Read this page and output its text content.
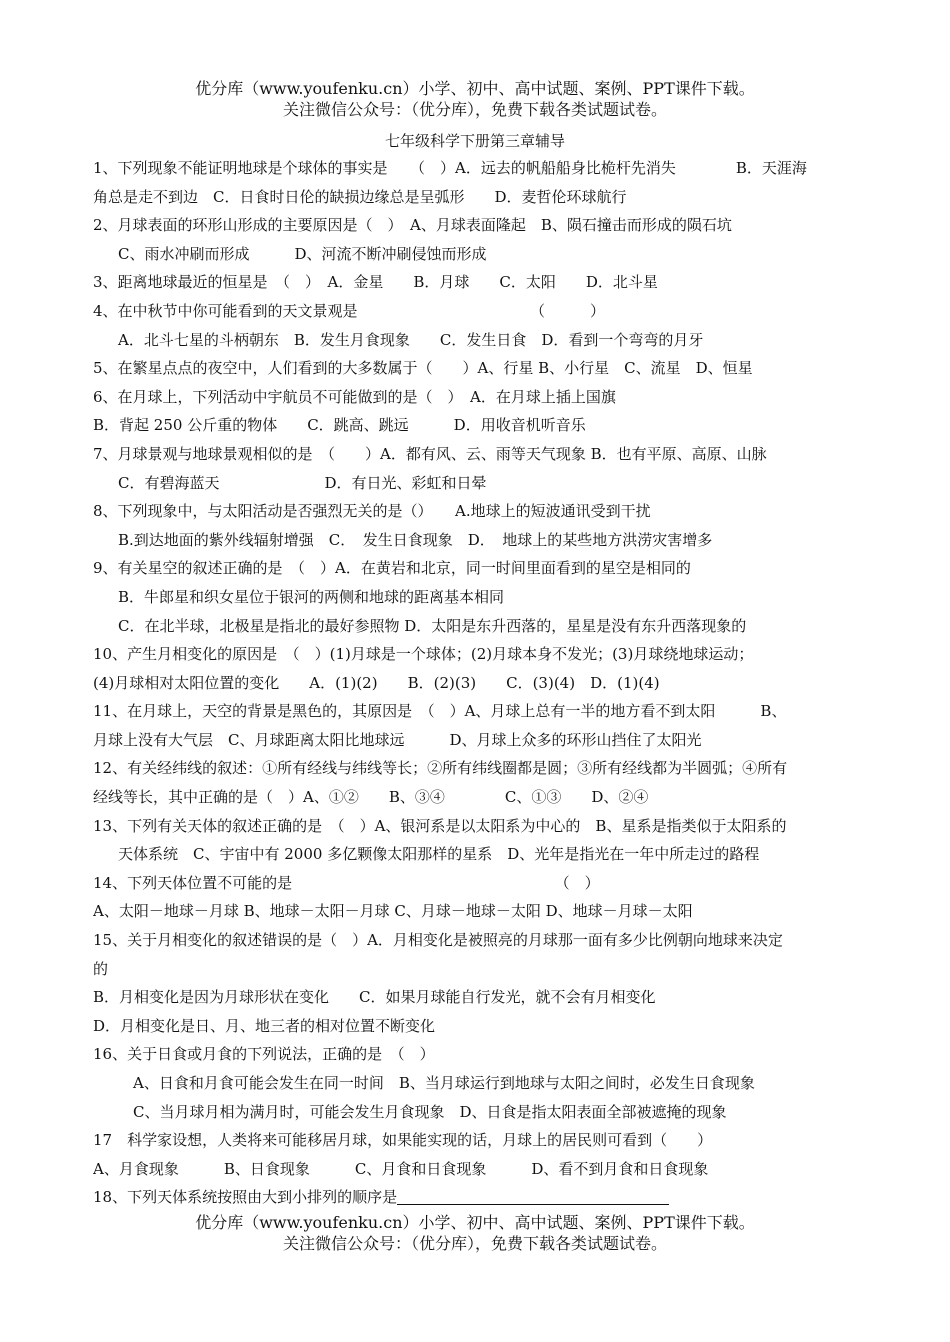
优分库（www.youfenku.cn）小学、初中、高中试题、案例、PPT课件下载。
关注微信公众号：（优分库），免费下载各类试题试卷。
七年级科学下册第三章辅导
1、下列现象不能证明地球是个球体的事实是　　（　）A．远去的帆船船身比桅杆先消失　　　　B．天涯海
角总是走不到边　C．日食时日伦的缺损边缘总是呈弧形　　D．麦哲伦环球航行
2、月球表面的环形山形成的主要原因是（　）　A、月球表面隆起　B、陨石撞击而形成的陨石坑
C、雨水冲刷而形成　　　D、河流不断冲刷侵蚀而形成
3、距离地球最近的恒星是　（　）　A．金星　　B．月球　　C．太阳　　D．北斗星
4、在中秋节中你可能看到的天文景观是　　　　　　　　　　　　（　　　）
A．北斗七星的斗柄朝东　B．发生月食现象　　C．发生日食　D．看到一个弯弯的月牙
5、在繁星点点的夜空中，人们看到的大多数属于（　　）A、行星 B、小行星　C、流星　D、恒星
6、在月球上，下列活动中宇航员不可能做到的是（　）　A．在月球上插上国旗
B．背起 250 公斤重的物体　　C．跳高、跳远　　　D．用收音机听音乐
7、月球景观与地球景观相似的是　（　　）A．都有风、云、雨等天气现象 B．也有平原、高原、山脉
C．有碧海蓝天　　　　　　　D．有日光、彩虹和日晕
8、下列现象中，与太阳活动是否强烈无关的是（）　　A.地球上的短波通讯受到干扰
B.到达地面的紫外线辐射增强　C．　发生日食现象　D．　地球上的某些地方洪涝灾害增多
9、有关星空的叙述正确的是　（　）A．在黄岩和北京，同一时间里面看到的星空是相同的
B．牛郎星和织女星位于银河的两侧和地球的距离基本相同
C．在北半球，北极星是指北的最好参照物 D．太阳是东升西落的，星星是没有东升西落现象的
10、产生月相变化的原因是　（　）(1)月球是一个球体；(2)月球本身不发光；(3)月球绕地球运动；
(4)月球相对太阳位置的变化　　A．(1)(2)　　B．(2)(3)　　C．(3)(4)　D．(1)(4)
11、在月球上，天空的背景是黑色的，其原因是　（　）A、月球上总有一半的地方看不到太阳　　　B、
月球上没有大气层　C、月球距离太阳比地球远　　　D、月球上众多的环形山挡住了太阳光
12、有关经纬线的叙述：①所有经线与纬线等长；②所有纬线圈都是圆；③所有经线都为半圆弧；④所有
经线等长，其中正确的是（　）A、①②　　B、③④　　　　C、①③　　D、②④
13、下列有关天体的叙述正确的是　（　）A、银河系是以太阳系为中心的　B、星系是指类似于太阳系的
天体系统　C、宇宙中有 2000 多亿颗像太阳那样的星系　D、光年是指光在一年中所走过的路程
14、下列天体位置不可能的是　　　　　　　　　　　　　　　　　　（　）
A、太阳－地球－月球 B、地球－太阳－月球 C、月球－地球－太阳 D、地球－月球－太阳
15、关于月相变化的叙述错误的是（　）A．月相变化是被照亮的月球那一面有多少比例朝向地球来决定
的
B．月相变化是因为月球形状在变化　　C．如果月球能自行发光，就不会有月相变化
D．月相变化是日、月、地三者的相对位置不断变化
16、关于日食或月食的下列说法，正确的是　（　）
A、日食和月食可能会发生在同一时间　B、当月球运行到地球与太阳之间时，必发生日食现象
C、当月球月相为满月时，可能会发生月食现象　D、日食是指太阳表面全部被遮掩的现象
17　科学家设想，人类将来可能移居月球，如果能实现的话，月球上的居民则可看到（　　）
A、月食现象　　　B、日食现象　　　C、月食和日食现象　　　D、看不到月食和日食现象
18、下列天体系统按照由大到小排列的顺序是
优分库（www.youfenku.cn）小学、初中、高中试题、案例、PPT课件下载。
关注微信公众号：（优分库），免费下载各类试题试卷。
